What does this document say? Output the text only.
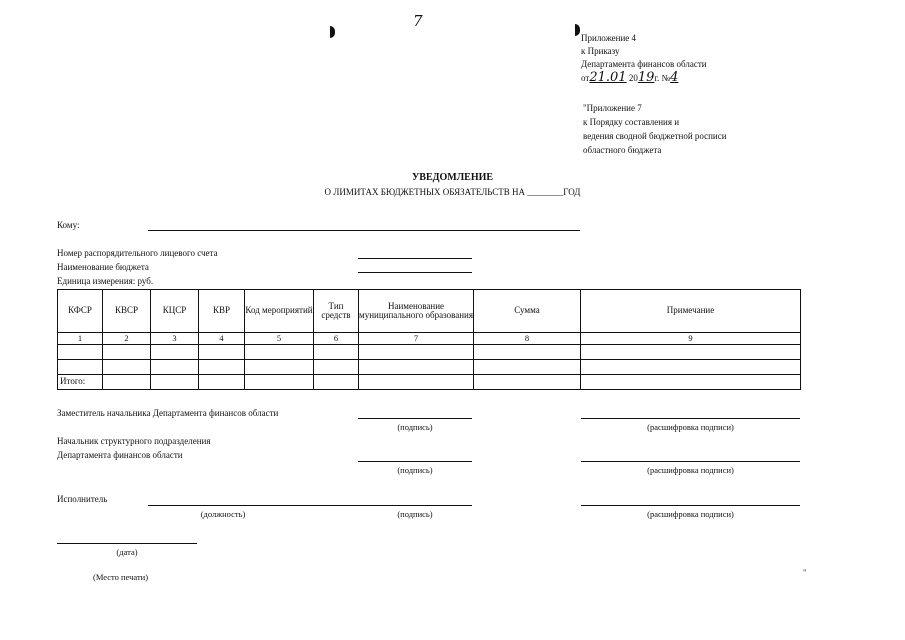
7
Приложение 4
к Приказу
Департамента финансов области
от21.01 2019г. №4
"Приложение 7
к Порядку составления и
ведения сводной бюджетной росписи
областного бюджета
УВЕДОМЛЕНИЕ
О ЛИМИТАХ БЮДЖЕТНЫХ ОБЯЗАТЕЛЬСТВ НА ________ГОД
Кому:
Номер распорядительного лицевого счета
Наименование бюджета
Единица измерения: руб.
КФСР	КВСР	КЦСР	КВР	Код мероприятий	Тип средств	Наименование муниципального образования	Сумма	Примечание
1	2	3	4	5	6	7	8	9

Итого:								
Заместитель начальника Департамента финансов области
(подпись)	(расшифровка подписи)
Начальник структурного подразделения
Департамента финансов области
(подпись)	(расшифровка подписи)
Исполнитель
(должность)	(подпись)	(расшифровка подписи)
(дата)
(Место печати)	"
